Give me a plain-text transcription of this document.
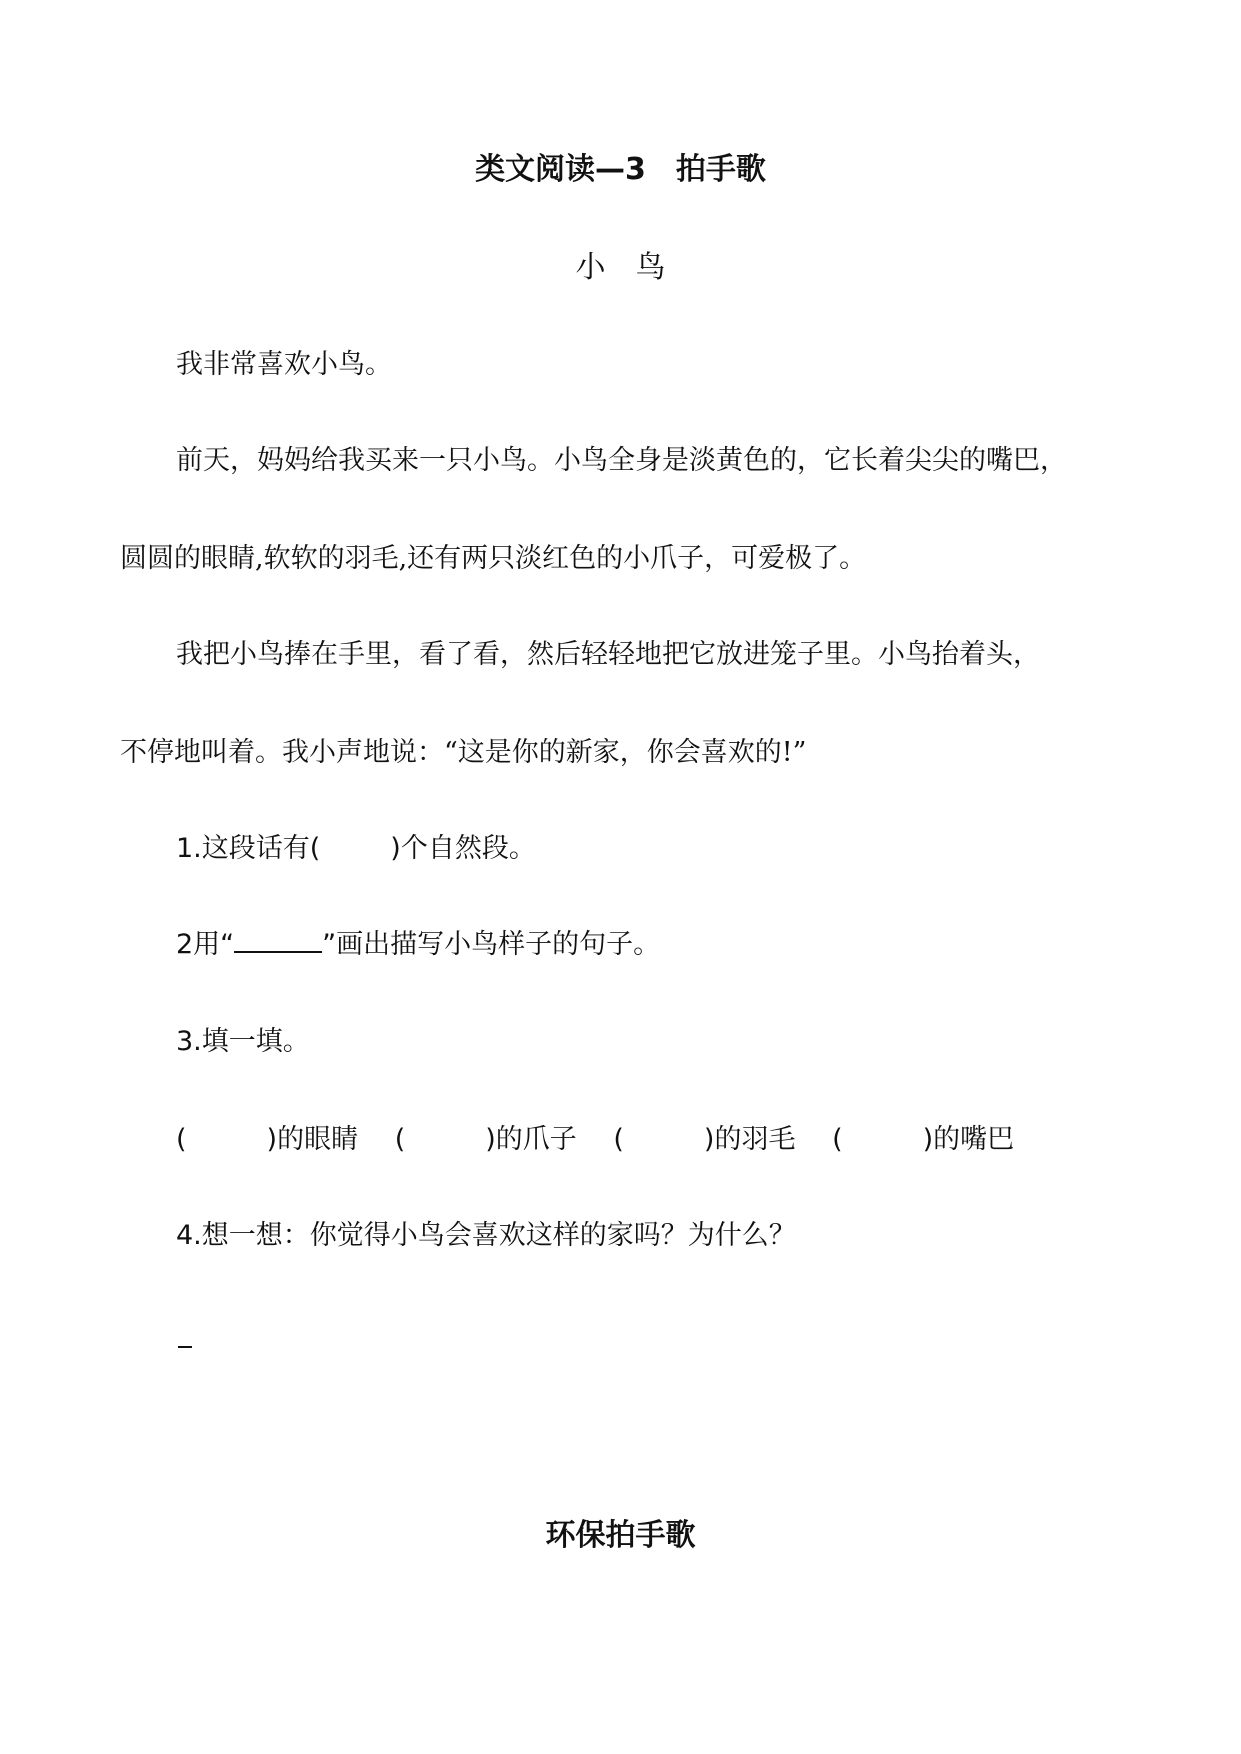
类文阅读—3　拍手歌
小鸟
我非常喜欢小鸟。
前天，妈妈给我买来一只小鸟。小鸟全身是淡黄色的，它长着尖尖的嘴巴，
圆圆的眼睛,软软的羽毛,还有两只淡红色的小爪子，可爱极了。
我把小鸟捧在手里，看了看，然后轻轻地把它放进笼子里。小鸟抬着头，
不停地叫着。我小声地说：“这是你的新家，你会喜欢的!”
1.这段话有(	)个自然段。
2用“	”画出描写小鸟样子的句子。
3.填一填。
(	)的眼睛 (	)的爪子 (	)的羽毛 (	)的嘴巴
4.想一想：你觉得小鸟会喜欢这样的家吗？为什么？
环保拍手歌
